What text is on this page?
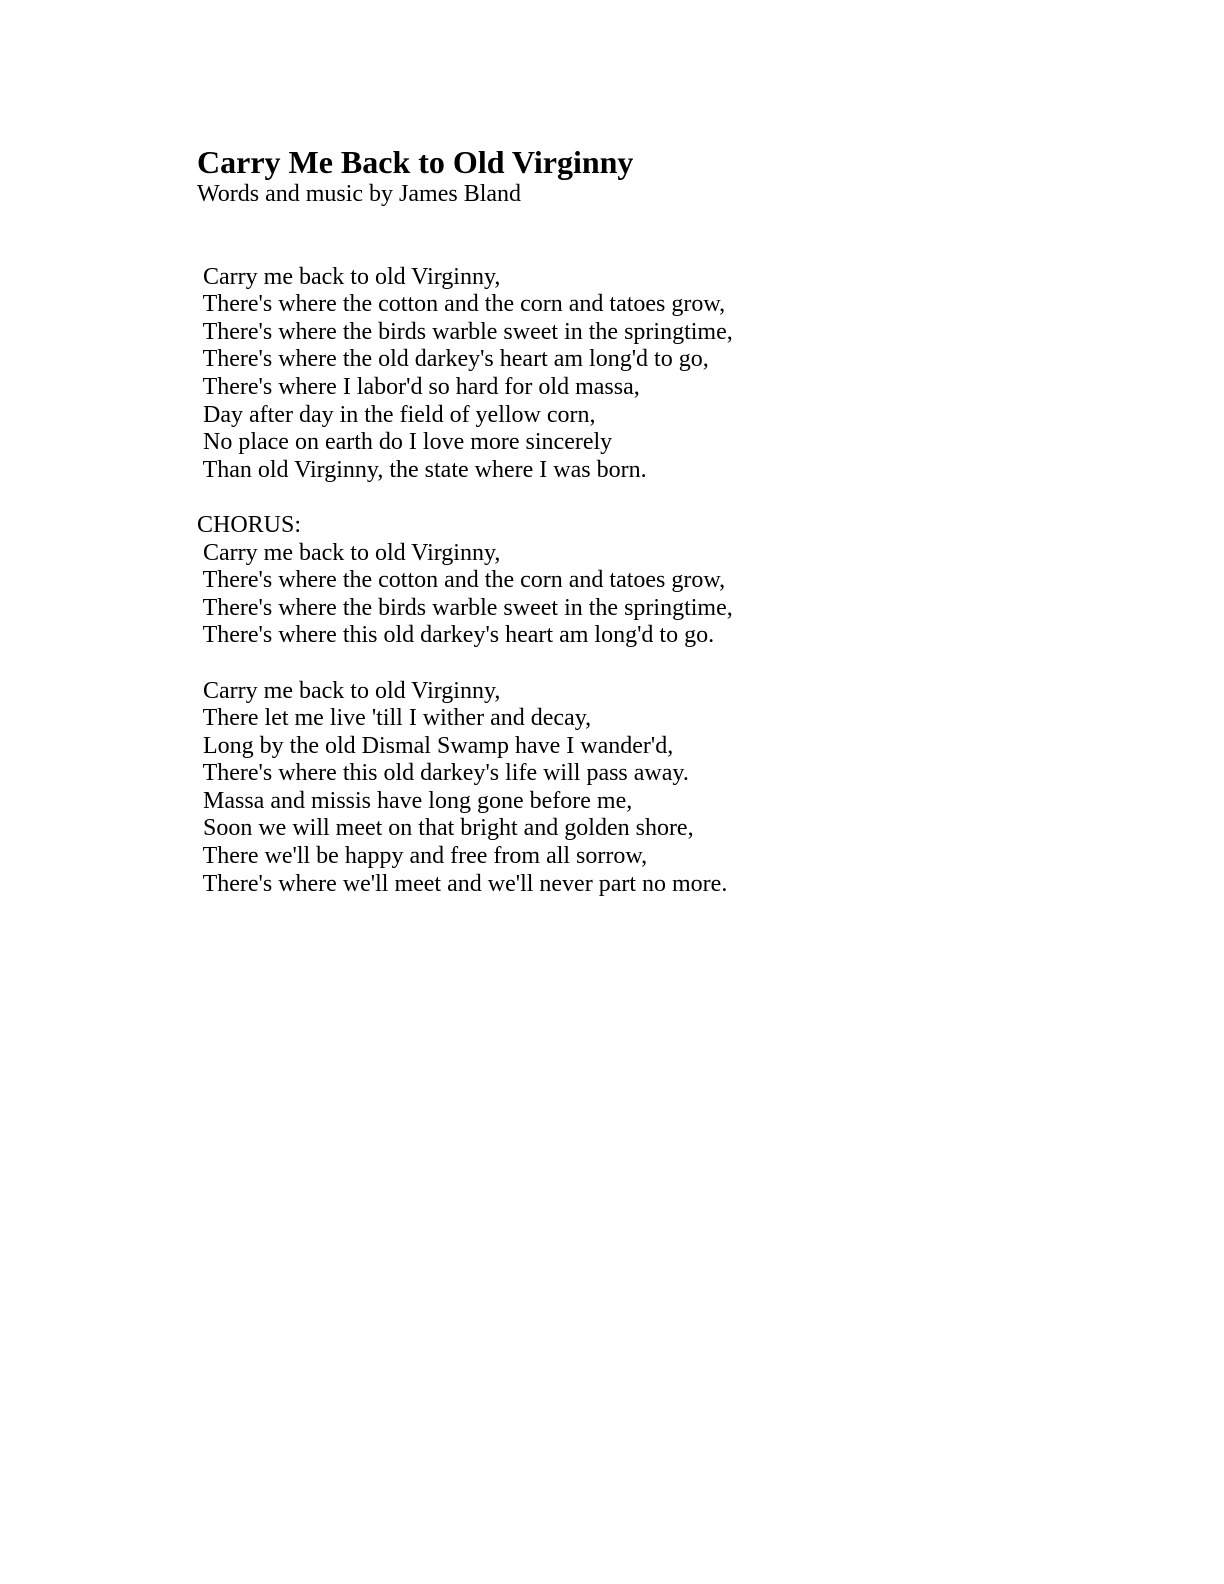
Carry Me Back to Old Virginny
Words and music by James Bland
Carry me back to old Virginny,
There's where the cotton and the corn and tatoes grow,
There's where the birds warble sweet in the springtime,
There's where the old darkey's heart am long'd to go,
There's where I labor'd so hard for old massa,
Day after day in the field of yellow corn,
No place on earth do I love more sincerely
Than old Virginny, the state where I was born.
CHORUS:
Carry me back to old Virginny,
There's where the cotton and the corn and tatoes grow,
There's where the birds warble sweet in the springtime,
There's where this old darkey's heart am long'd to go.
Carry me back to old Virginny,
There let me live 'till I wither and decay,
Long by the old Dismal Swamp have I wander'd,
There's where this old darkey's life will pass away.
Massa and missis have long gone before me,
Soon we will meet on that bright and golden shore,
There we'll be happy and free from all sorrow,
There's where we'll meet and we'll never part no more.
